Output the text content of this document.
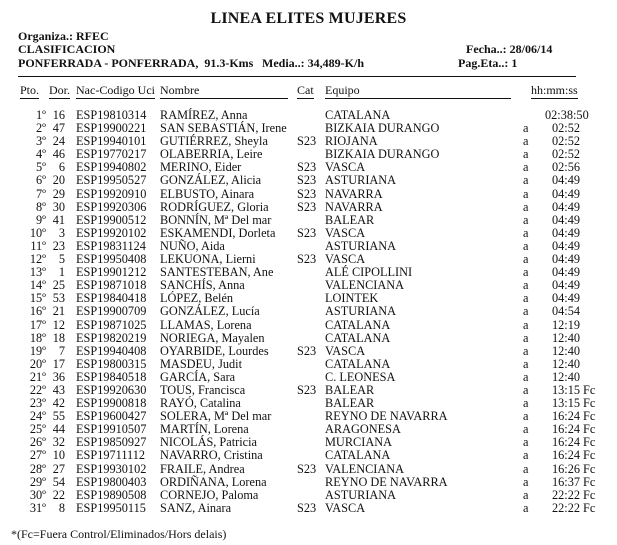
LINEA ELITES MUJERES
Organiza.: RFEC
CLASIFICACION
PONFERRADA - PONFERRADA,  91.3-Kms Media..: 34,489-K/h
Fecha..: 28/06/14
Pag.Eta..: 1
Pto. Dor. Nac-Codigo Uci Nombre	Cat Equipo	hh:mm:ss
1º 16 ESP19810314 RAMÍREZ, Anna	CATALANA	02:38:50
2º 47 ESP19900221 SAN SEBASTIÁN, Irene	BIZKAIA DURANGO	a	02:52
3º 24 ESP19940101 GUTIÉRREZ, Sheyla S23 RIOJANA	a	02:52
4º 46 ESP19770217 OLABERRIA, Leire	BIZKAIA DURANGO	a	02:52
5º	6 ESP19940802 MERINO, Eider	S23 VASCA	a	02:56
6º 20 ESP19950527 GONZÁLEZ, Alicia	S23 ASTURIANA	a	04:49
7º 29 ESP19920910 ELBUSTO, Ainara	S23 NAVARRA	a	04:49
8º 30 ESP19920306 RODRÍGUEZ, Gloria S23 NAVARRA	a	04:49
9º 41 ESP19900512 BONNÍN, Mª Del mar	BALEAR	a	04:49
10º	3 ESP19920102 ESKAMENDI, Dorleta S23 VASCA	a	04:49
11º 23 ESP19831124 NUÑO, Aida	ASTURIANA	a	04:49
12º	5 ESP19950408 LEKUONA, Lierni	S23 VASCA	a	04:49
13º	1 ESP19901212 SANTESTEBAN, Ane	ALÉ CIPOLLINI	a	04:49
14º 25 ESP19871018 SANCHÍS, Anna	VALENCIANA	a	04:49
15º 53 ESP19840418 LÓPEZ, Belén	LOINTEK	a	04:49
16º 21 ESP19900709 GONZÁLEZ, Lucía	ASTURIANA	a	04:54
17º 12 ESP19871025 LLAMAS, Lorena	CATALANA	a	12:19
18º 18 ESP19820219 NORIEGA, Mayalen	CATALANA	a	12:40
19º	7 ESP19940408 OYARBIDE, Lourdes S23 VASCA	a	12:40
20º 17 ESP19800315 MASDEU, Judit	CATALANA	a	12:40
21º 36 ESP19840518 GARCÍA, Sara	C. LEONESA	a	12:40
22º 43 ESP19920630 TOUS, Francisca	S23 BALEAR	a	13:15 Fc
23º 42 ESP19900818 RAYÓ, Catalina	BALEAR	a	13:15 Fc
24º 55 ESP19600427 SOLERA, Mª Del mar	REYNO DE NAVARRA	a	16:24 Fc
25º 44 ESP19910507 MARTÍN, Lorena	ARAGONESA	a	16:24 Fc
26º 32 ESP19850927 NICOLÁS, Patricia	MURCIANA	a	16:24 Fc
27º 10 ESP19711112 NAVARRO, Cristina	CATALANA	a	16:24 Fc
28º 27 ESP19930102 FRAILE, Andrea	S23 VALENCIANA	a	16:26 Fc
29º 54 ESP19800403 ORDIÑANA, Lorena	REYNO DE NAVARRA	a	16:37 Fc
30º 22 ESP19890508 CORNEJO, Paloma	ASTURIANA	a	22:22 Fc
31º	8 ESP19950115 SANZ, Ainara	S23 VASCA	a	22:22 Fc
*(Fc=Fuera Control/Eliminados/Hors delais)
